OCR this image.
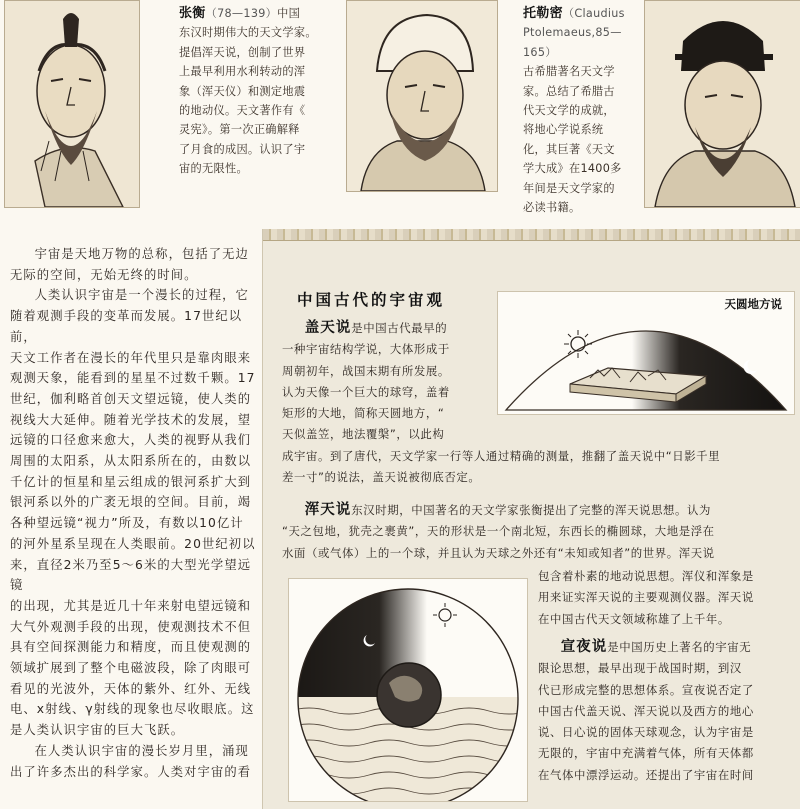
张衡（78—139）中国
东汉时期伟大的天文学家。
提倡浑天说，创制了世界
上最早利用水利转动的浑
象（浑天仪）和测定地震
的地动仪。天文著作有《
灵宪》。第一次正确解释
了月食的成因。认识了宇
宙的无限性。
托勒密（Claudius
Ptolemaeus,85—165）
古希腊著名天文学
家。总结了希腊古
代天文学的成就，
将地心学说系统
化，其巨著《天文
学大成》在1400多
年间是天文学家的
必读书籍。

宇宙是天地万物的总称，包括了无边
无际的空间，无始无终的时间。

人类认识宇宙是一个漫长的过程，它
随着观测手段的变革而发展。17世纪以前，
天文工作者在漫长的年代里只是靠肉眼来
观测天象，能看到的星星不过数千颗。17
世纪，伽利略首创天文望远镜，使人类的
视线大大延伸。随着光学技术的发展，望
远镜的口径愈来愈大，人类的视野从我们
周围的太阳系，从太阳系所在的，由数以
千亿计的恒星和星云组成的银河系扩大到
银河系以外的广袤无垠的空间。目前，竭
各种望远镜“视力”所及，有数以10亿计
的河外星系呈现在人类眼前。20世纪初以
来，直径2米乃至5～6米的大型光学望远镜
的出现，尤其是近几十年来射电望远镜和
大气外观测手段的出现，使观测技术不但
具有空间探测能力和精度，而且使观测的
领域扩展到了整个电磁波段，除了肉眼可
看见的光波外，天体的紫外、红外、无线
电、x射线、γ射线的现象也尽收眼底。这
是人类认识宇宙的巨大飞跃。

在人类认识宇宙的漫长岁月里，涌现
出了许多杰出的科学家。人类对宇宙的看

中国古代的宇宙观	天圆地方说

盖天说是中国古代最早的

一种宇宙结构学说，大体形成于

周朝初年，战国末期有所发展。

认为天像一个巨大的球穹，盖着

矩形的大地，简称天圆地方，“

天似盖笠，地法覆槃”，以此构

成宇宙。到了唐代，天文学家一行等人通过精确的测量，推翻了盖天说中“日影千里

差一寸”的说法，盖天说被彻底否定。

浑天说东汉时期，中国著名的天文学家张衡提出了完整的浑天说思想。认为

“天之包地，犹壳之裹黄”，天的形状是一个南北短，东西长的椭圆球，大地是浮在

水面（或气体）上的一个球，并且认为天球之外还有“未知或知者”的世界。浑天说

包含着朴素的地动说思想。浑仪和浑象是

用来证实浑天说的主要观测仪器。浑天说

在中国古代天文领域称雄了上千年。

宣夜说是中国历史上著名的宇宙无

限论思想，最早出现于战国时期，到汉

代已形成完整的思想体系。宣夜说否定了

中国古代盖天说、浑天说以及西方的地心

说、日心说的固体天球观念，认为宇宙是

无限的，宇宙中充满着气体，所有天体都

在气体中漂浮运动。还提出了宇宙在时间
